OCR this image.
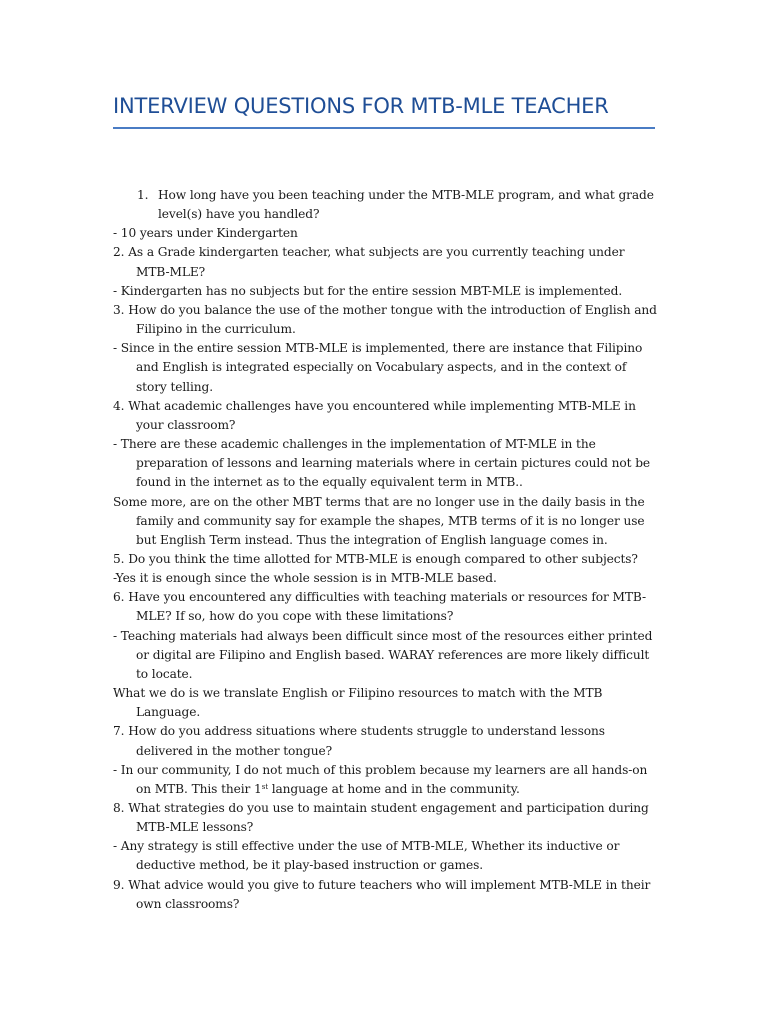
INTERVIEW QUESTIONS FOR MTB-MLE TEACHER

1. How long have you been teaching under the MTB-MLE program, and what grade level(s) have you handled?

- 10 years under Kindergarten

2. As a Grade kindergarten teacher, what subjects are you currently teaching under MTB-MLE?

- Kindergarten has no subjects but for the entire session MBT-MLE is implemented.

3. How do you balance the use of the mother tongue with the introduction of English and Filipino in the curriculum.

- Since in the entire session MTB-MLE is implemented, there are instance that Filipino and English is integrated especially on Vocabulary aspects, and in the context of story telling.

4. What academic challenges have you encountered while implementing MTB-MLE in your classroom?

- There are these academic challenges in the implementation of MT-MLE in the preparation of lessons and learning materials where in certain pictures could not be found in the internet as to the equally equivalent term in MTB..

Some more, are on the other MBT terms that are no longer use in the daily basis in the family and community say for example the shapes, MTB terms of it is no longer use but English Term instead. Thus the integration of English language comes in.

5. Do you think the time allotted for MTB-MLE is enough compared to other subjects?

-Yes it is enough since the whole session is in MTB-MLE based.

6. Have you encountered any difficulties with teaching materials or resources for MTB-MLE? If so, how do you cope with these limitations?

- Teaching materials had always been difficult since most of the resources either printed or digital are Filipino and English based. WARAY references are more likely difficult to locate.

What we do is we translate English or Filipino resources to match with the MTB Language.

7. How do you address situations where students struggle to understand lessons delivered in the mother tongue?

- In our community, I do not much of this problem because my learners are all hands-on on MTB. This their 1st language at home and in the community.

8. What strategies do you use to maintain student engagement and participation during MTB-MLE lessons?

- Any strategy is still effective under the use of MTB-MLE, Whether its inductive or deductive method, be it play-based instruction or games.

9. What advice would you give to future teachers who will implement MTB-MLE in their own classrooms?
